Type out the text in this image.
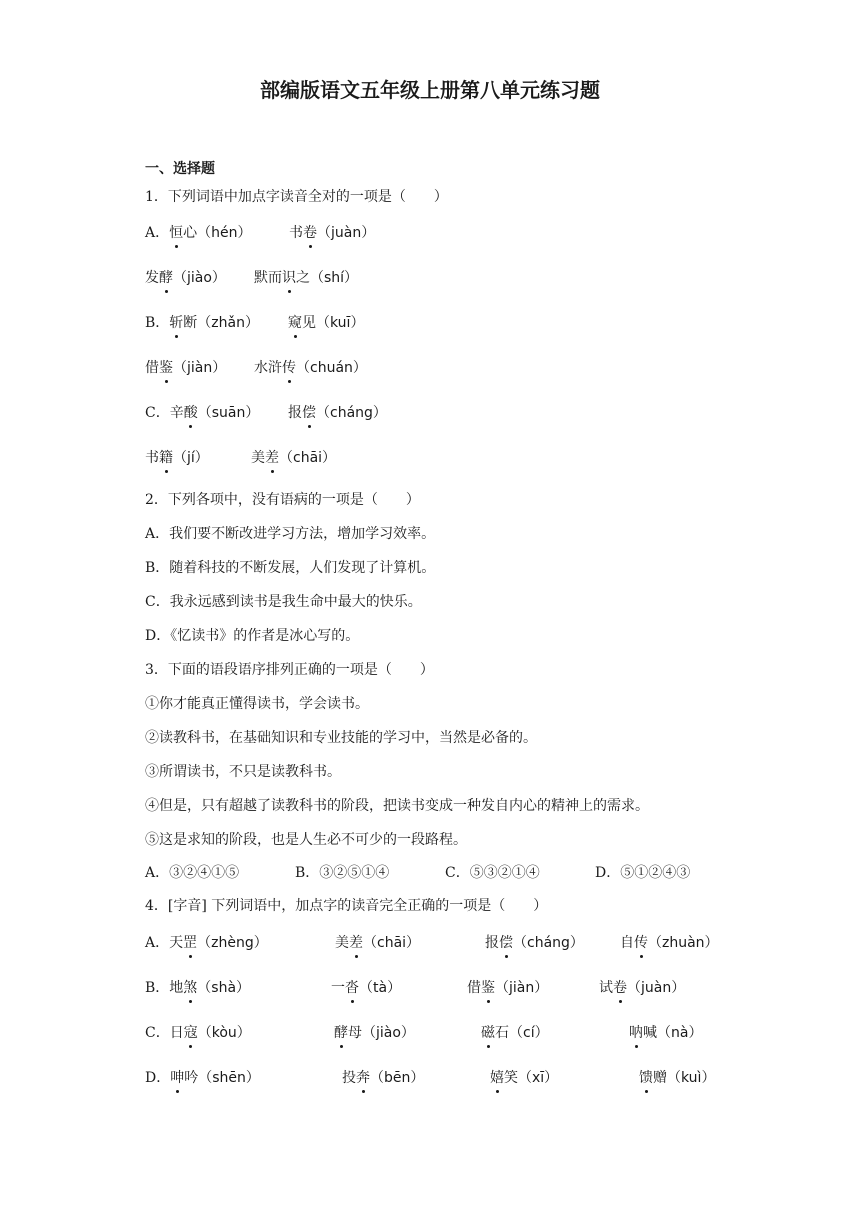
部编版语文五年级上册第八单元练习题
一、选择题
1．下列词语中加点字读音全对的一项是（　　）
A．恒心（hén）	书卷（juàn）
发酵（jiào） 默而识之（shí）
B．斩断（zhǎn） 窥见（kuī）
借鉴（jiàn） 水浒传（chuán）
C．辛酸（suān） 报偿（cháng）
书籍（jí）	美差（chāi）
2．下列各项中，没有语病的一项是（　　）
A．我们要不断改进学习方法，增加学习效率。
B．随着科技的不断发展，人们发现了计算机。
C．我永远感到读书是我生命中最大的快乐。
D．《忆读书》的作者是冰心写的。
3．下面的语段语序排列正确的一项是（　　）
①你才能真正懂得读书，学会读书。
②读教科书，在基础知识和专业技能的学习中，当然是必备的。
③所谓读书，不只是读教科书。
④但是，只有超越了读教科书的阶段，把读书变成一种发自内心的精神上的需求。
⑤这是求知的阶段，也是人生必不可少的一段路程。
A．③②④①⑤	B．③②⑤①④	C．⑤③②①④	D．⑤①②④③
4．[字音] 下列词语中，加点字的读音完全正确的一项是（　　）
A．天罡（zhèng）	美差（chāi）	报偿（cháng）	自传（zhuàn）
B．地煞（shà）	一沓（tà）	借鉴（jiàn）	试卷（juàn）
C．日寇（kòu）	酵母（jiào）	磁石（cí）	呐喊（nà）
D．呻吟（shēn）	投奔（bēn）	嬉笑（xī）	馈赠（kuì）
